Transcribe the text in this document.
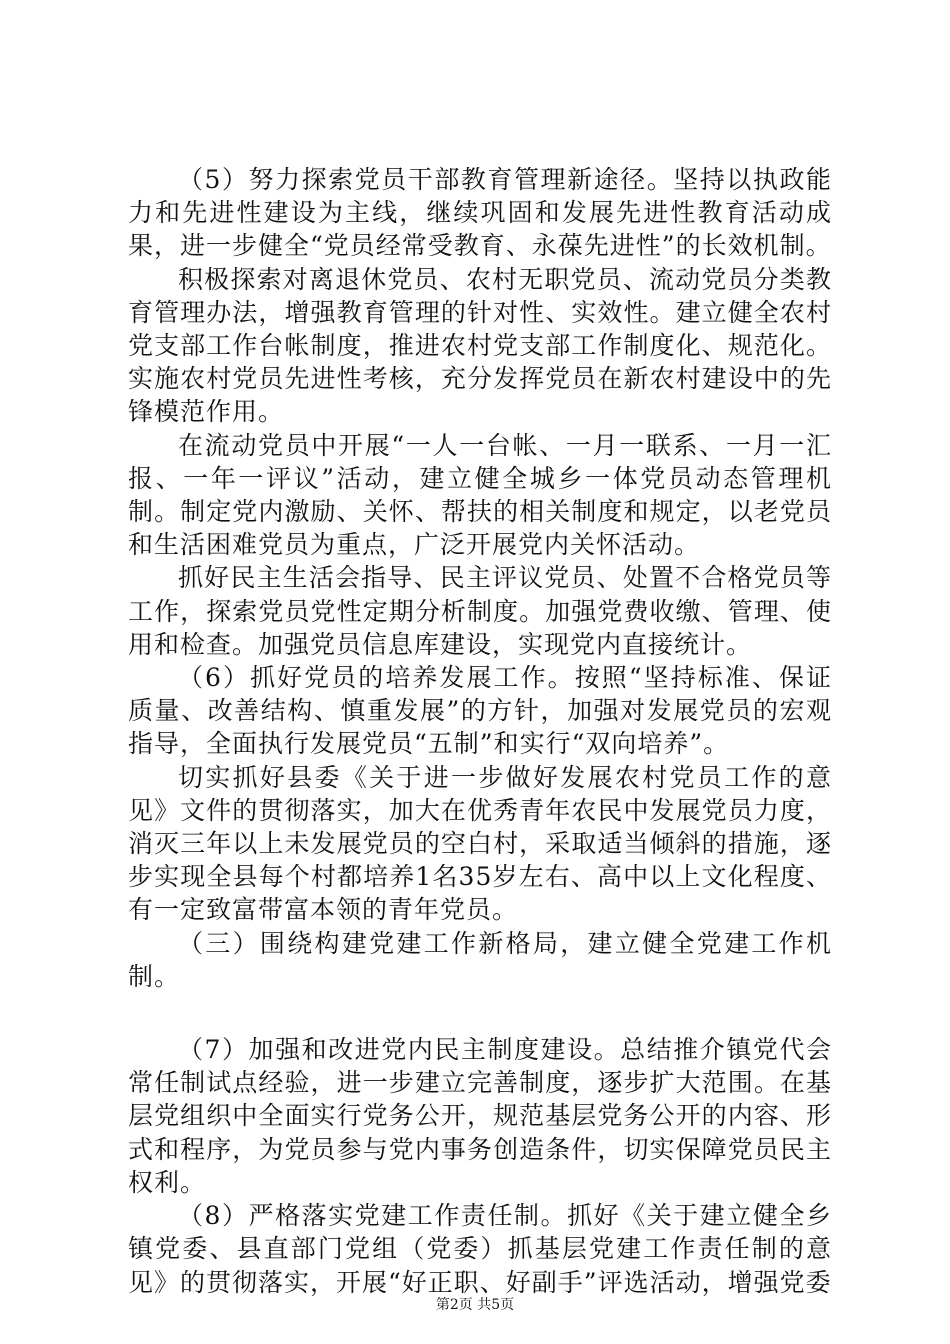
（5）努力探索党员干部教育管理新途径。坚持以执政能力和先进性建设为主线，继续巩固和发展先进性教育活动成果，进一步健全“党员经常受教育、永葆先进性”的长效机制。

积极探索对离退休党员、农村无职党员、流动党员分类教育管理办法，增强教育管理的针对性、实效性。建立健全农村党支部工作台帐制度，推进农村党支部工作制度化、规范化。实施农村党员先进性考核，充分发挥党员在新农村建设中的先锋模范作用。

在流动党员中开展“一人一台帐、一月一联系、一月一汇报、一年一评议”活动，建立健全城乡一体党员动态管理机制。制定党内激励、关怀、帮扶的相关制度和规定，以老党员和生活困难党员为重点，广泛开展党内关怀活动。

抓好民主生活会指导、民主评议党员、处置不合格党员等工作，探索党员党性定期分析制度。加强党费收缴、管理、使用和检查。加强党员信息库建设，实现党内直接统计。

（6）抓好党员的培养发展工作。按照“坚持标准、保证质量、改善结构、慎重发展”的方针，加强对发展党员的宏观指导，全面执行发展党员“五制”和实行“双向培养”。

切实抓好县委《关于进一步做好发展农村党员工作的意见》文件的贯彻落实，加大在优秀青年农民中发展党员力度，消灭三年以上未发展党员的空白村，采取适当倾斜的措施，逐步实现全县每个村都培养1名35岁左右、高中以上文化程度、有一定致富带富本领的青年党员。

（三）围绕构建党建工作新格局，建立健全党建工作机制。

（7）加强和改进党内民主制度建设。总结推介镇党代会常任制试点经验，进一步建立完善制度，逐步扩大范围。在基层党组织中全面实行党务公开，规范基层党务公开的内容、形式和程序，为党员参与党内事务创造条件，切实保障党员民主权利。

（8）严格落实党建工作责任制。抓好《关于建立健全乡镇党委、县直部门党组（党委）抓基层党建工作责任制的意见》的贯彻落实，开展“好正职、好副手”评选活动，增强党委

第2页 共5页
